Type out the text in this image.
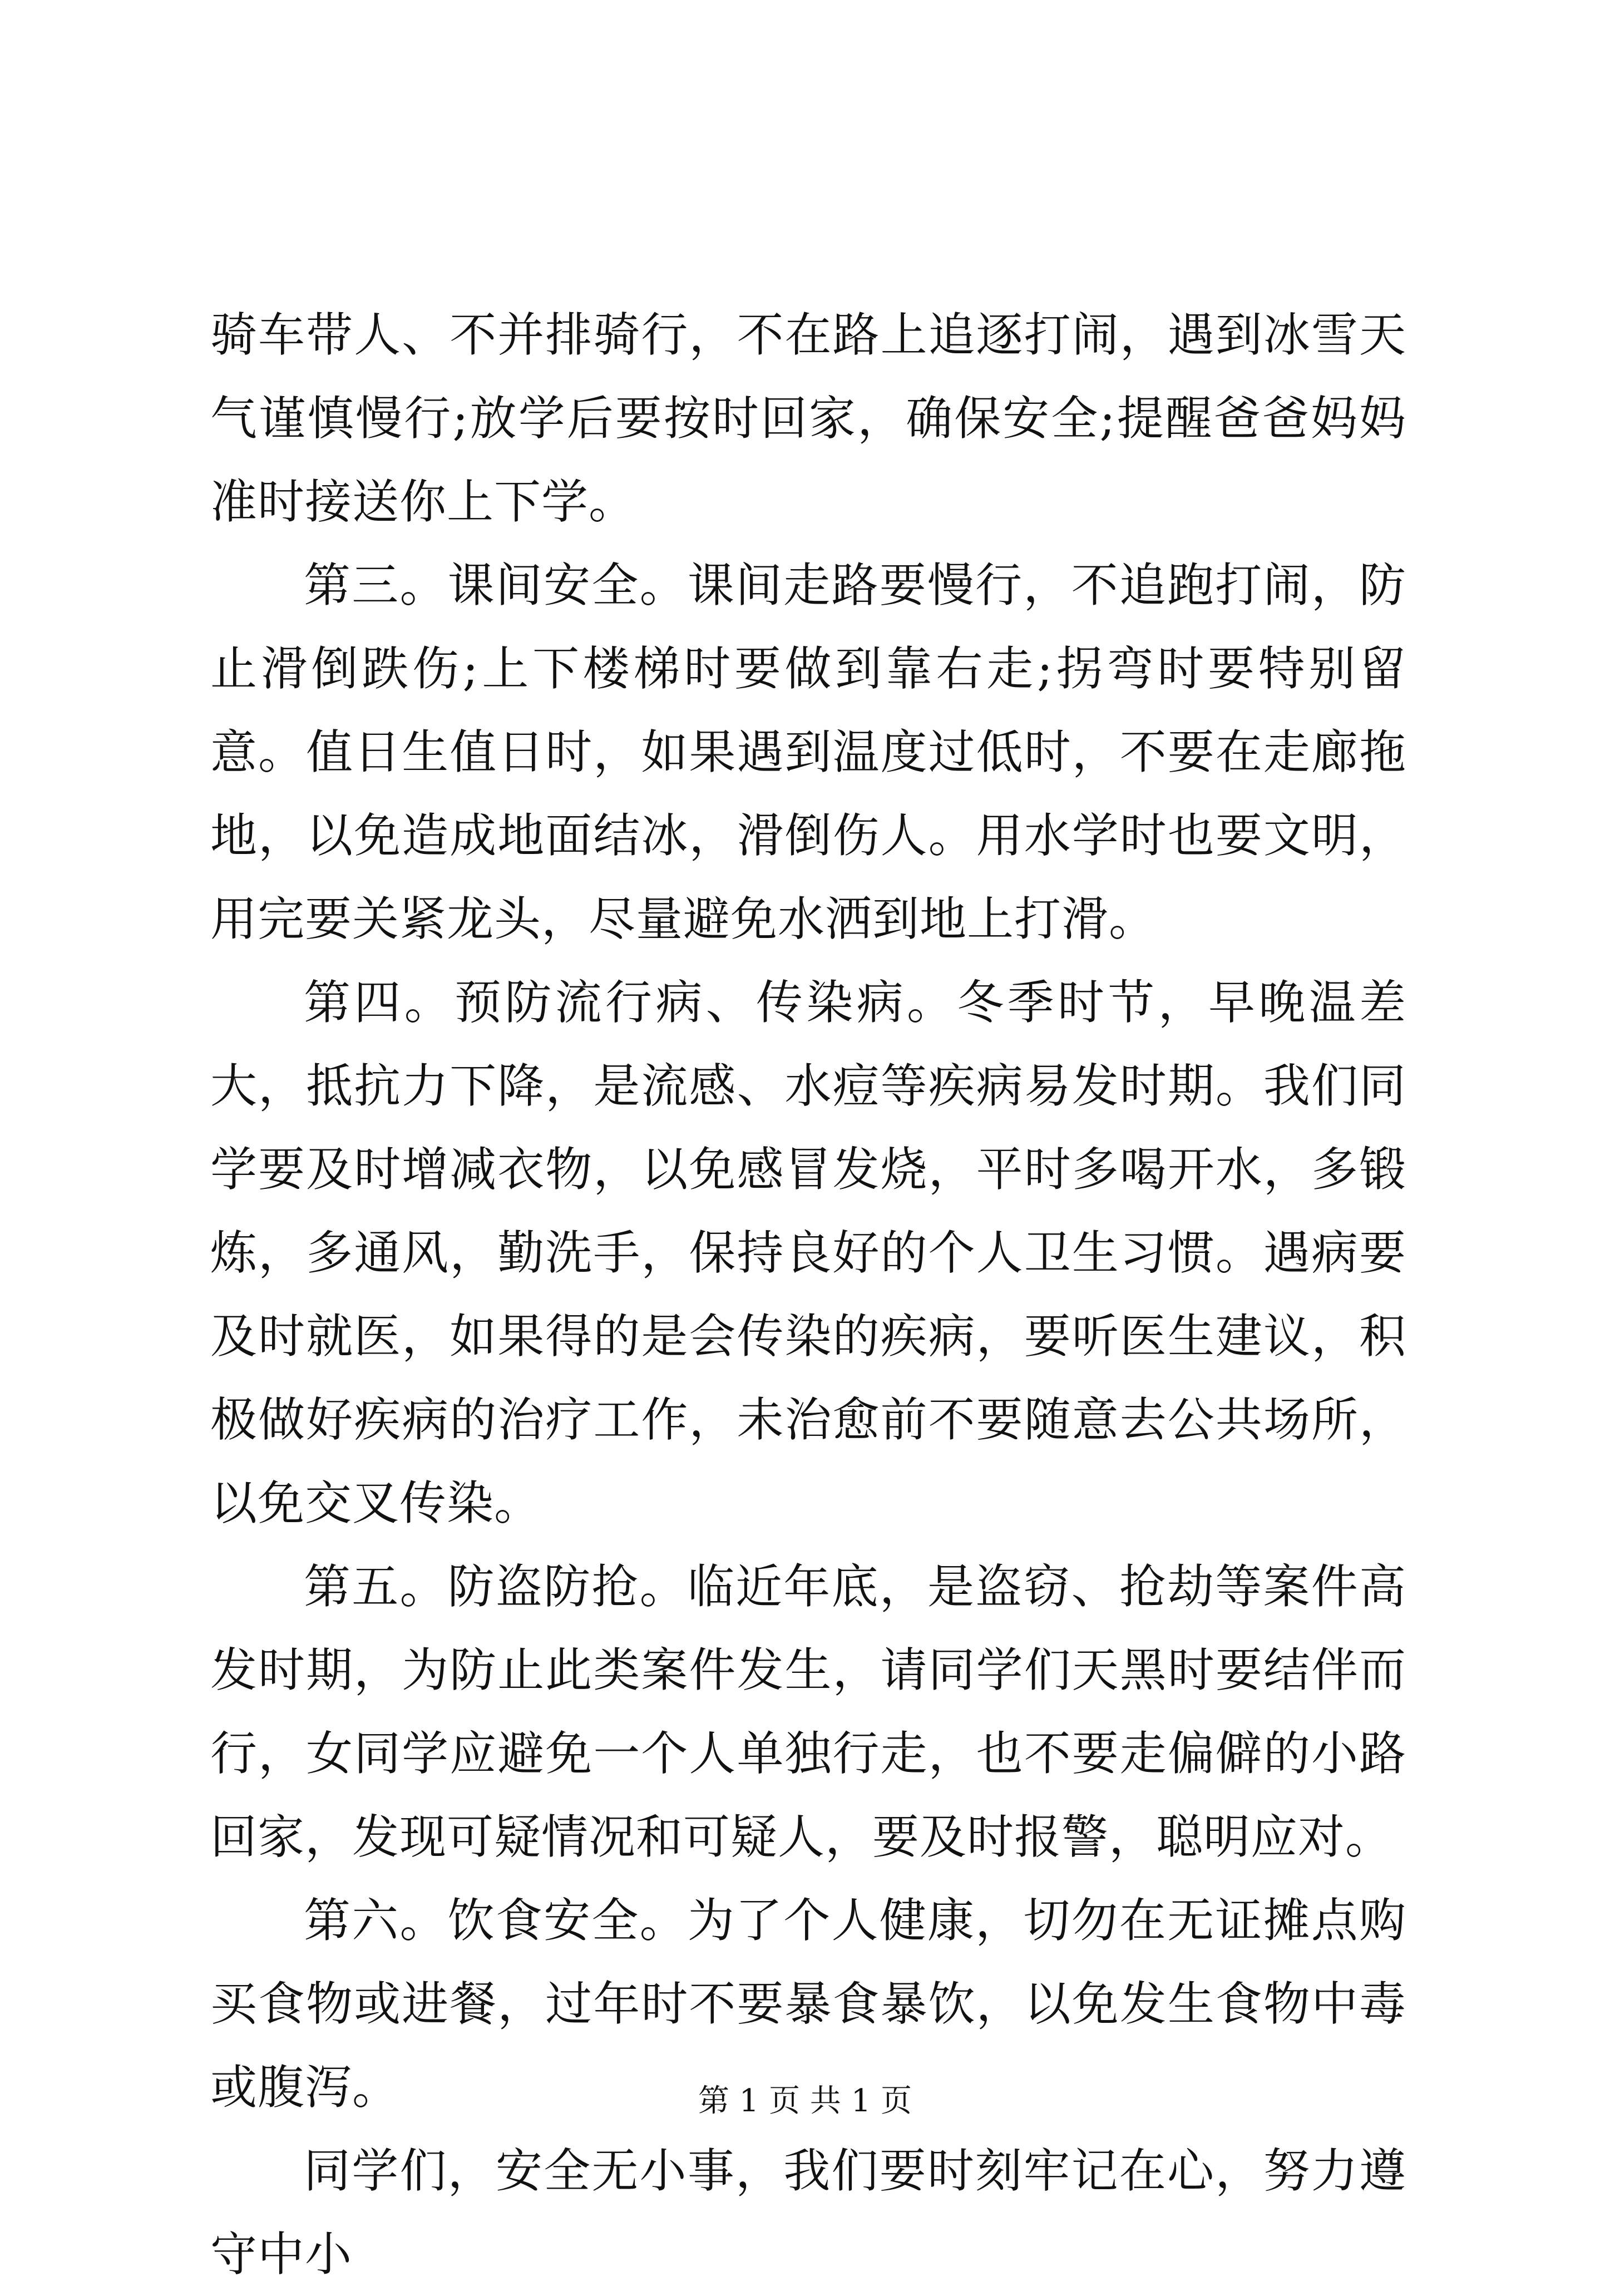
骑车带人、不并排骑行，不在路上追逐打闹，遇到冰雪天气谨慎慢行;放学后要按时回家，确保安全;提醒爸爸妈妈准时接送你上下学。

第三。课间安全。课间走路要慢行，不追跑打闹，防止滑倒跌伤;上下楼梯时要做到靠右走;拐弯时要特别留意。值日生值日时，如果遇到温度过低时，不要在走廊拖地，以免造成地面结冰，滑倒伤人。用水学时也要文明，用完要关紧龙头，尽量避免水洒到地上打滑。

第四。预防流行病、传染病。冬季时节，早晚温差大，抵抗力下降，是流感、水痘等疾病易发时期。我们同学要及时增减衣物，以免感冒发烧，平时多喝开水，多锻炼，多通风，勤洗手，保持良好的个人卫生习惯。遇病要及时就医，如果得的是会传染的疾病，要听医生建议，积极做好疾病的治疗工作，未治愈前不要随意去公共场所，以免交叉传染。

第五。防盗防抢。临近年底，是盗窃、抢劫等案件高发时期，为防止此类案件发生，请同学们天黑时要结伴而行，女同学应避免一个人单独行走，也不要走偏僻的小路回家，发现可疑情况和可疑人，要及时报警，聪明应对。

第六。饮食安全。为了个人健康，切勿在无证摊点购买食物或进餐，过年时不要暴食暴饮，以免发生食物中毒或腹泻。

同学们，安全无小事，我们要时刻牢记在心，努力遵守中小

第 1 页 共 1 页
